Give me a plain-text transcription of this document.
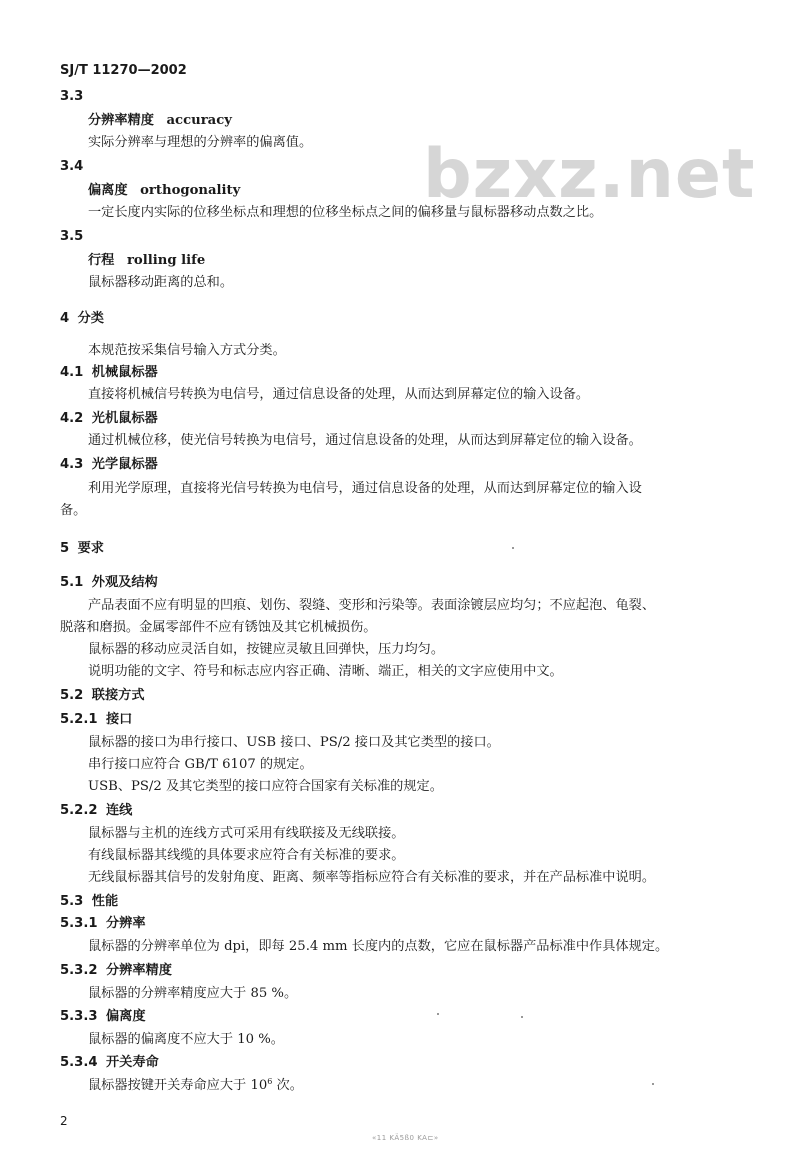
SJ/T 11270—2002
bzxz.net
3.3
分辨率精度 accuracy
实际分辨率与理想的分辨率的偏离值。
3.4
偏离度 orthogonality
一定长度内实际的位移坐标点和理想的位移坐标点之间的偏移量与鼠标器移动点数之比。
3.5
行程 rolling life
鼠标器移动距离的总和。
4 分类
本规范按采集信号输入方式分类。
4.1 机械鼠标器
直接将机械信号转换为电信号，通过信息设备的处理，从而达到屏幕定位的输入设备。
4.2 光机鼠标器
通过机械位移，使光信号转换为电信号，通过信息设备的处理，从而达到屏幕定位的输入设备。
4.3 光学鼠标器
利用光学原理，直接将光信号转换为电信号，通过信息设备的处理，从而达到屏幕定位的输入设
备。
5 要求
5.1 外观及结构
产品表面不应有明显的凹痕、划伤、裂缝、变形和污染等。表面涂镀层应均匀；不应起泡、龟裂、
脱落和磨损。金属零部件不应有锈蚀及其它机械损伤。
鼠标器的移动应灵活自如，按键应灵敏且回弹快，压力均匀。
说明功能的文字、符号和标志应内容正确、清晰、端正，相关的文字应使用中文。
5.2 联接方式
5.2.1 接口
鼠标器的接口为串行接口、USB 接口、PS/2 接口及其它类型的接口。
串行接口应符合 GB/T 6107 的规定。
USB、PS/2 及其它类型的接口应符合国家有关标准的规定。
5.2.2 连线
鼠标器与主机的连线方式可采用有线联接及无线联接。
有线鼠标器其线缆的具体要求应符合有关标准的要求。
无线鼠标器其信号的发射角度、距离、频率等指标应符合有关标准的要求，并在产品标准中说明。
5.3 性能
5.3.1 分辨率
鼠标器的分辨率单位为 dpi，即每 25.4 mm 长度内的点数，它应在鼠标器产品标准中作具体规定。
5.3.2 分辨率精度
鼠标器的分辨率精度应大于 85 %。
5.3.3 偏离度
鼠标器的偏离度不应大于 10 %。
5.3.4 开关寿命
鼠标器按键开关寿命应大于 $10^6$ 次。
2
«11 KÄ5ß0 KA⊏»
